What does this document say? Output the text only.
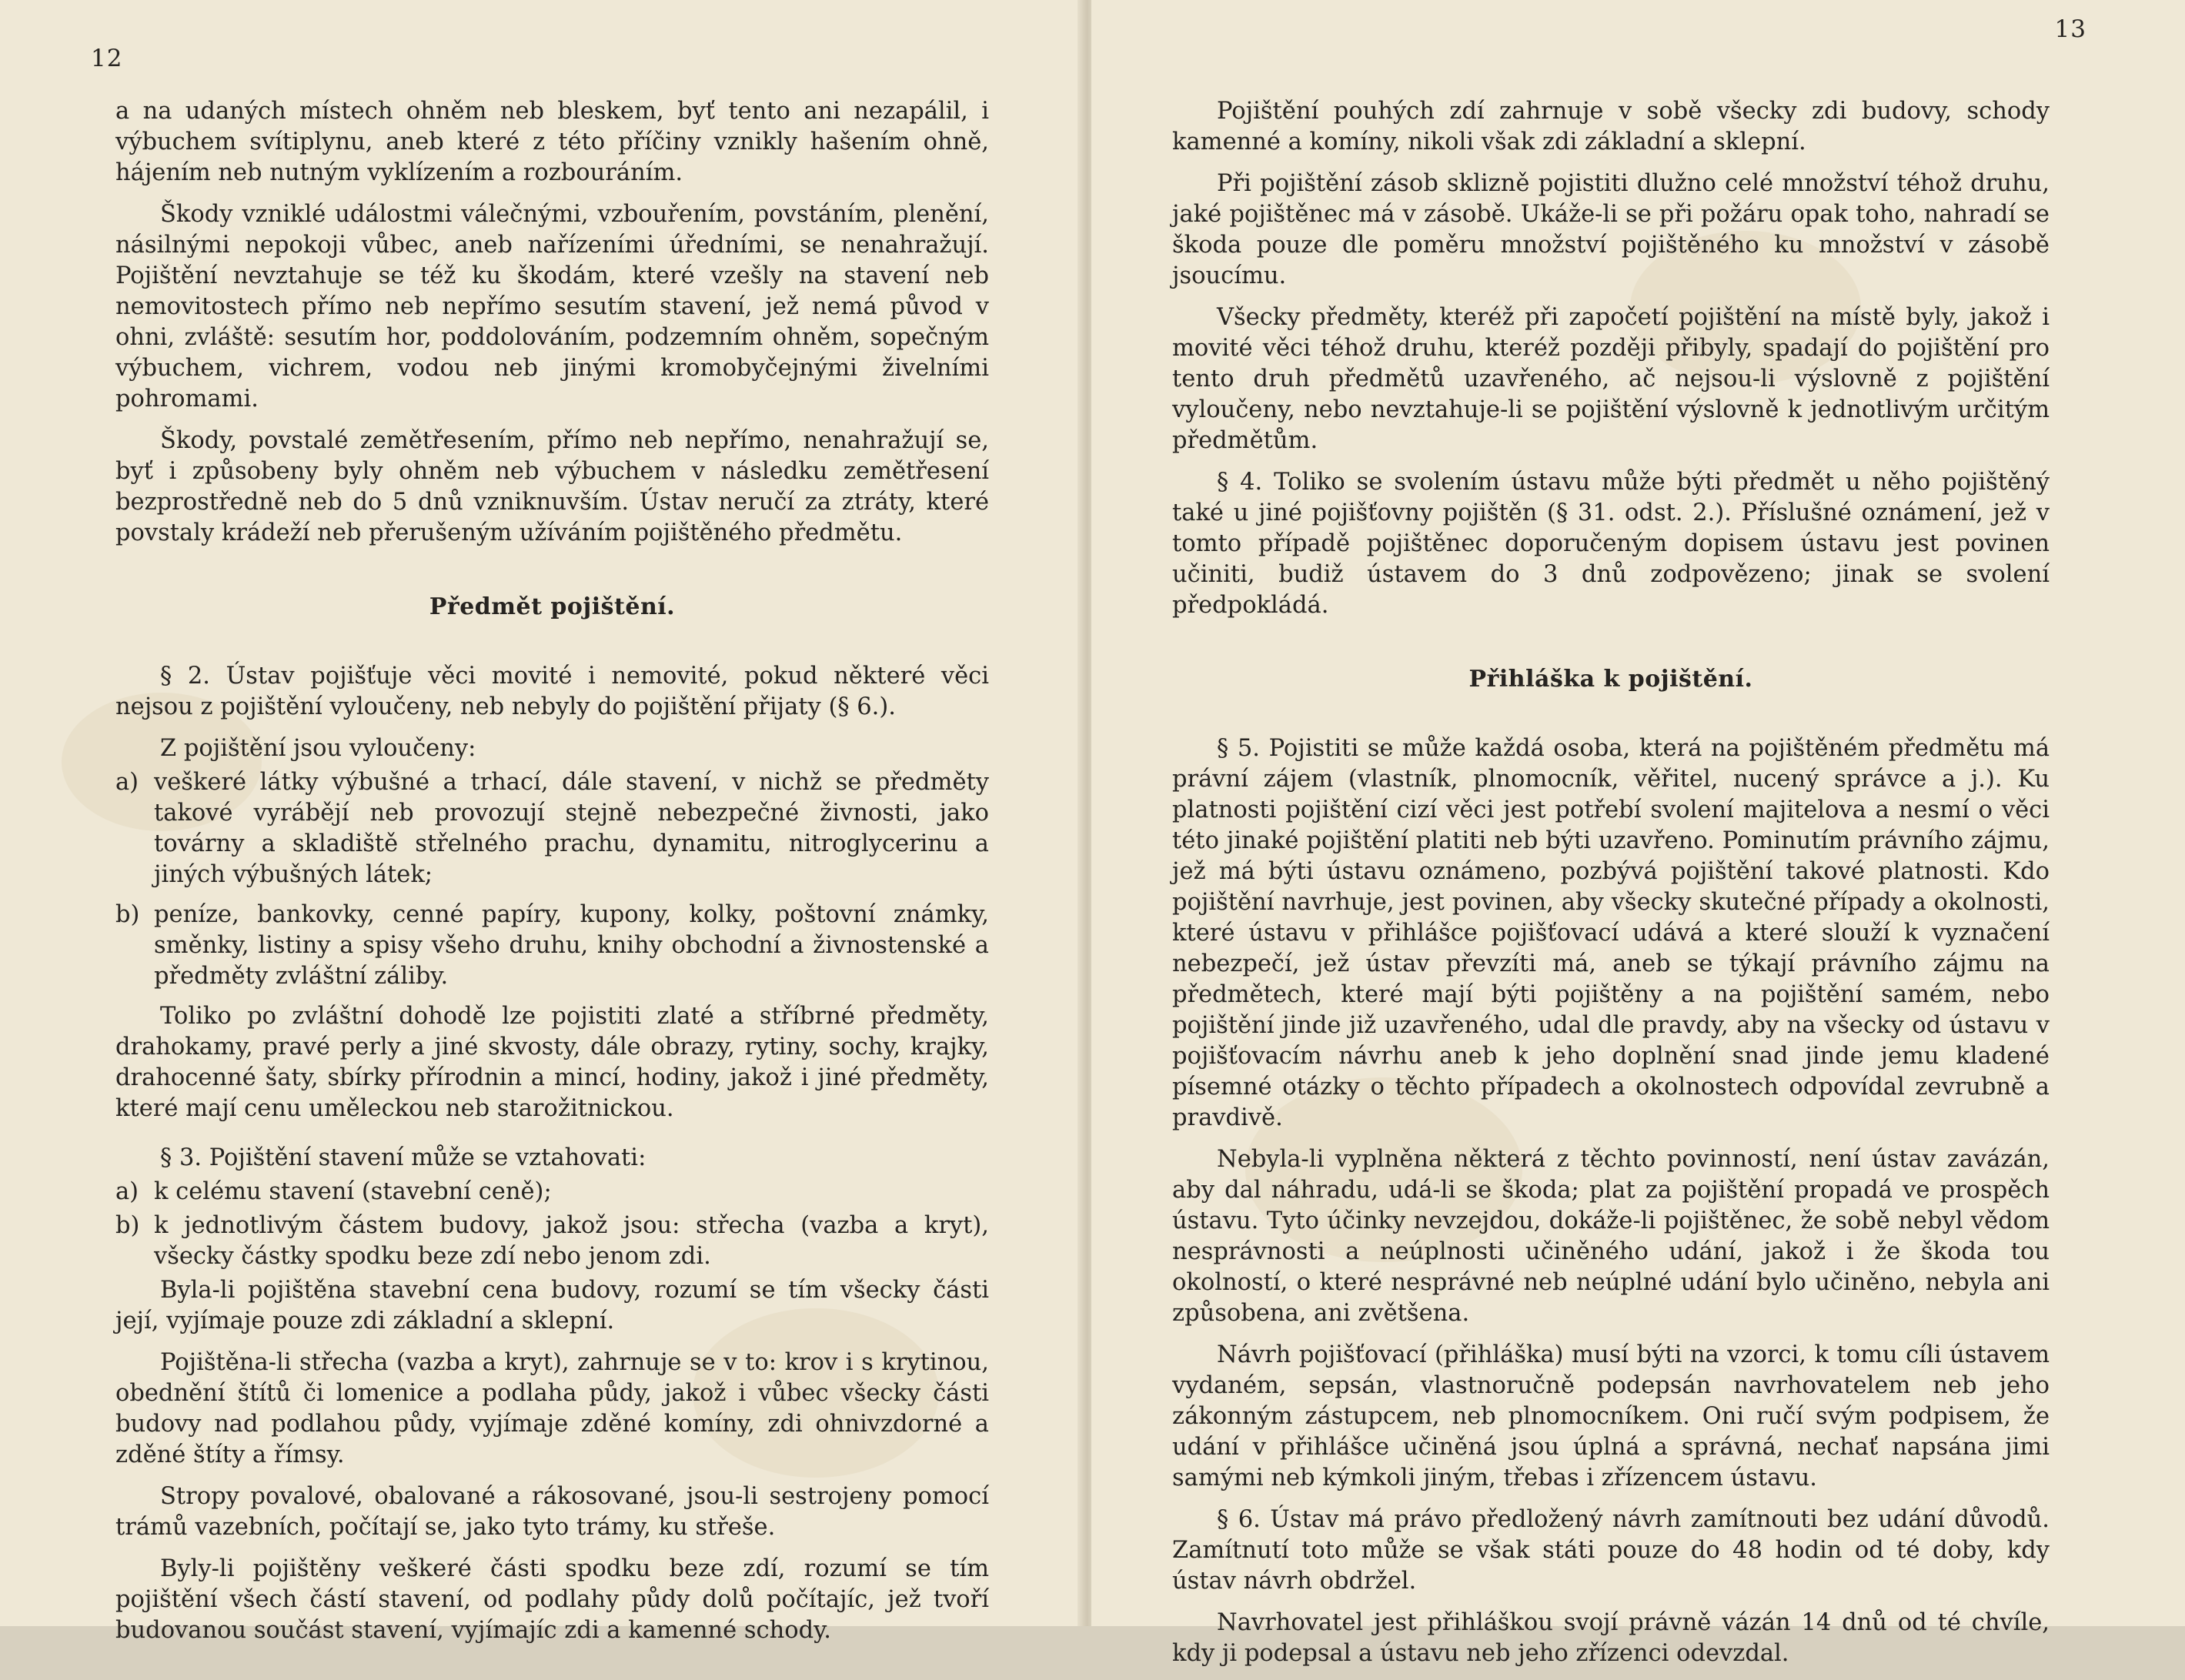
12

a na udaných místech ohněm neb bleskem, byť tento ani nezapálil, i výbuchem svítiplynu, aneb které z této příčiny vznikly hašením ohně, hájením neb nutným vyklízením a rozbouráním.

Škody vzniklé událostmi válečnými, vzbouřením, povstáním, plenění, násilnými nepokoji vůbec, aneb nařízeními úředními, se nenahražují. Pojištění nevztahuje se též ku škodám, které vzešly na stavení neb nemovitostech přímo neb nepřímo sesutím stavení, jež nemá původ v ohni, zvláště: sesutím hor, poddolováním, podzemním ohněm, sopečným výbuchem, vichrem, vodou neb jinými kromobyčejnými živelními pohromami.

Škody, povstalé zemětřesením, přímo neb nepřímo, nenahražují se, byť i způsobeny byly ohněm neb výbuchem v následku zemětřesení bezprostředně neb do 5 dnů vzniknuvším. Ústav neručí za ztráty, které povstaly krádeží neb přerušeným užíváním pojištěného předmětu.

Předmět pojištění.

§ 2. Ústav pojišťuje věci movité i nemovité, pokud některé věci nejsou z pojištění vyloučeny, neb nebyly do pojištění přijaty (§ 6.).

Z pojištění jsou vyloučeny:

a) veškeré látky výbušné a trhací, dále stavení, v nichž se předměty takové vyrábějí neb provozují stejně nebezpečné živnosti, jako továrny a skladiště střelného prachu, dynamitu, nitroglycerinu a jiných výbušných látek;
b) peníze, bankovky, cenné papíry, kupony, kolky, poštovní známky, směnky, listiny a spisy všeho druhu, knihy obchodní a živnostenské a předměty zvláštní záliby.

Toliko po zvláštní dohodě lze pojistiti zlaté a stříbrné předměty, drahokamy, pravé perly a jiné skvosty, dále obrazy, rytiny, sochy, krajky, drahocenné šaty, sbírky přírodnin a mincí, hodiny, jakož i jiné předměty, které mají cenu uměleckou neb starožitnickou.

§ 3. Pojištění stavení může se vztahovati:

a) k celému stavení (stavební ceně);
b) k jednotlivým částem budovy, jakož jsou: střecha (vazba a kryt), všecky částky spodku beze zdí nebo jenom zdi.

Byla-li pojištěna stavební cena budovy, rozumí se tím všecky části její, vyjímaje pouze zdi základní a sklepní.

Pojištěna-li střecha (vazba a kryt), zahrnuje se v to: krov i s krytinou, obednění štítů či lomenice a podlaha půdy, jakož i vůbec všecky části budovy nad podlahou půdy, vyjímaje zděné komíny, zdi ohnivzdorné a zděné štíty a římsy.

Stropy povalové, obalované a rákosované, jsou-li sestrojeny pomocí trámů vazebních, počítají se, jako tyto trámy, ku střeše.

Byly-li pojištěny veškeré části spodku beze zdí, rozumí se tím pojištění všech částí stavení, od podlahy půdy dolů počítajíc, jež tvoří budovanou součást stavení, vyjímajíc zdi a kamenné schody.

13

Pojištění pouhých zdí zahrnuje v sobě všecky zdi budovy, schody kamenné a komíny, nikoli však zdi základní a sklepní.

Při pojištění zásob sklizně pojistiti dlužno celé množství téhož druhu, jaké pojištěnec má v zásobě. Ukáže-li se při požáru opak toho, nahradí se škoda pouze dle poměru množství pojištěného ku množství v zásobě jsoucímu.

Všecky předměty, kteréž při započetí pojištění na místě byly, jakož i movité věci téhož druhu, kteréž později přibyly, spadají do pojištění pro tento druh předmětů uzavřeného, ač nejsou-li výslovně z pojištění vyloučeny, nebo nevztahuje-li se pojištění výslovně k jednotlivým určitým předmětům.

§ 4. Toliko se svolením ústavu může býti předmět u něho pojištěný také u jiné pojišťovny pojištěn (§ 31. odst. 2.). Příslušné oznámení, jež v tomto případě pojištěnec doporučeným dopisem ústavu jest povinen učiniti, budiž ústavem do 3 dnů zodpovězeno; jinak se svolení předpokládá.

Přihláška k pojištění.

§ 5. Pojistiti se může každá osoba, která na pojištěném předmětu má právní zájem (vlastník, plnomocník, věřitel, nucený správce a j.). Ku platnosti pojištění cizí věci jest potřebí svolení majitelova a nesmí o věci této jinaké pojištění platiti neb býti uzavřeno. Pominutím právního zájmu, jež má býti ústavu oznámeno, pozbývá pojištění takové platnosti. Kdo pojištění navrhuje, jest povinen, aby všecky skutečné případy a okolnosti, které ústavu v přihlášce pojišťovací udává a které slouží k vyznačení nebezpečí, jež ústav převzíti má, aneb se týkají právního zájmu na předmětech, které mají býti pojištěny a na pojištění samém, nebo pojištění jinde již uzavřeného, udal dle pravdy, aby na všecky od ústavu v pojišťovacím návrhu aneb k jeho doplnění snad jinde jemu kladené písemné otázky o těchto případech a okolnostech odpovídal zevrubně a pravdivě.

Nebyla-li vyplněna některá z těchto povinností, není ústav zavázán, aby dal náhradu, udá-li se škoda; plat za pojištění propadá ve prospěch ústavu. Tyto účinky nevzejdou, dokáže-li pojištěnec, že sobě nebyl vědom nesprávnosti a neúplnosti učiněného udání, jakož i že škoda tou okolností, o které nesprávné neb neúplné udání bylo učiněno, nebyla ani způsobena, ani zvětšena.

Návrh pojišťovací (přihláška) musí býti na vzorci, k tomu cíli ústavem vydaném, sepsán, vlastnoručně podepsán navrhovatelem neb jeho zákonným zástupcem, neb plnomocníkem. Oni ručí svým podpisem, že udání v přihlášce učiněná jsou úplná a správná, nechať napsána jimi samými neb kýmkoli jiným, třebas i zřízencem ústavu.

§ 6. Ústav má právo předložený návrh zamítnouti bez udání důvodů. Zamítnutí toto může se však státi pouze do 48 hodin od té doby, kdy ústav návrh obdržel.

Navrhovatel jest přihláškou svojí právně vázán 14 dnů od té chvíle, kdy ji podepsal a ústavu neb jeho zřízenci odevzdal.
